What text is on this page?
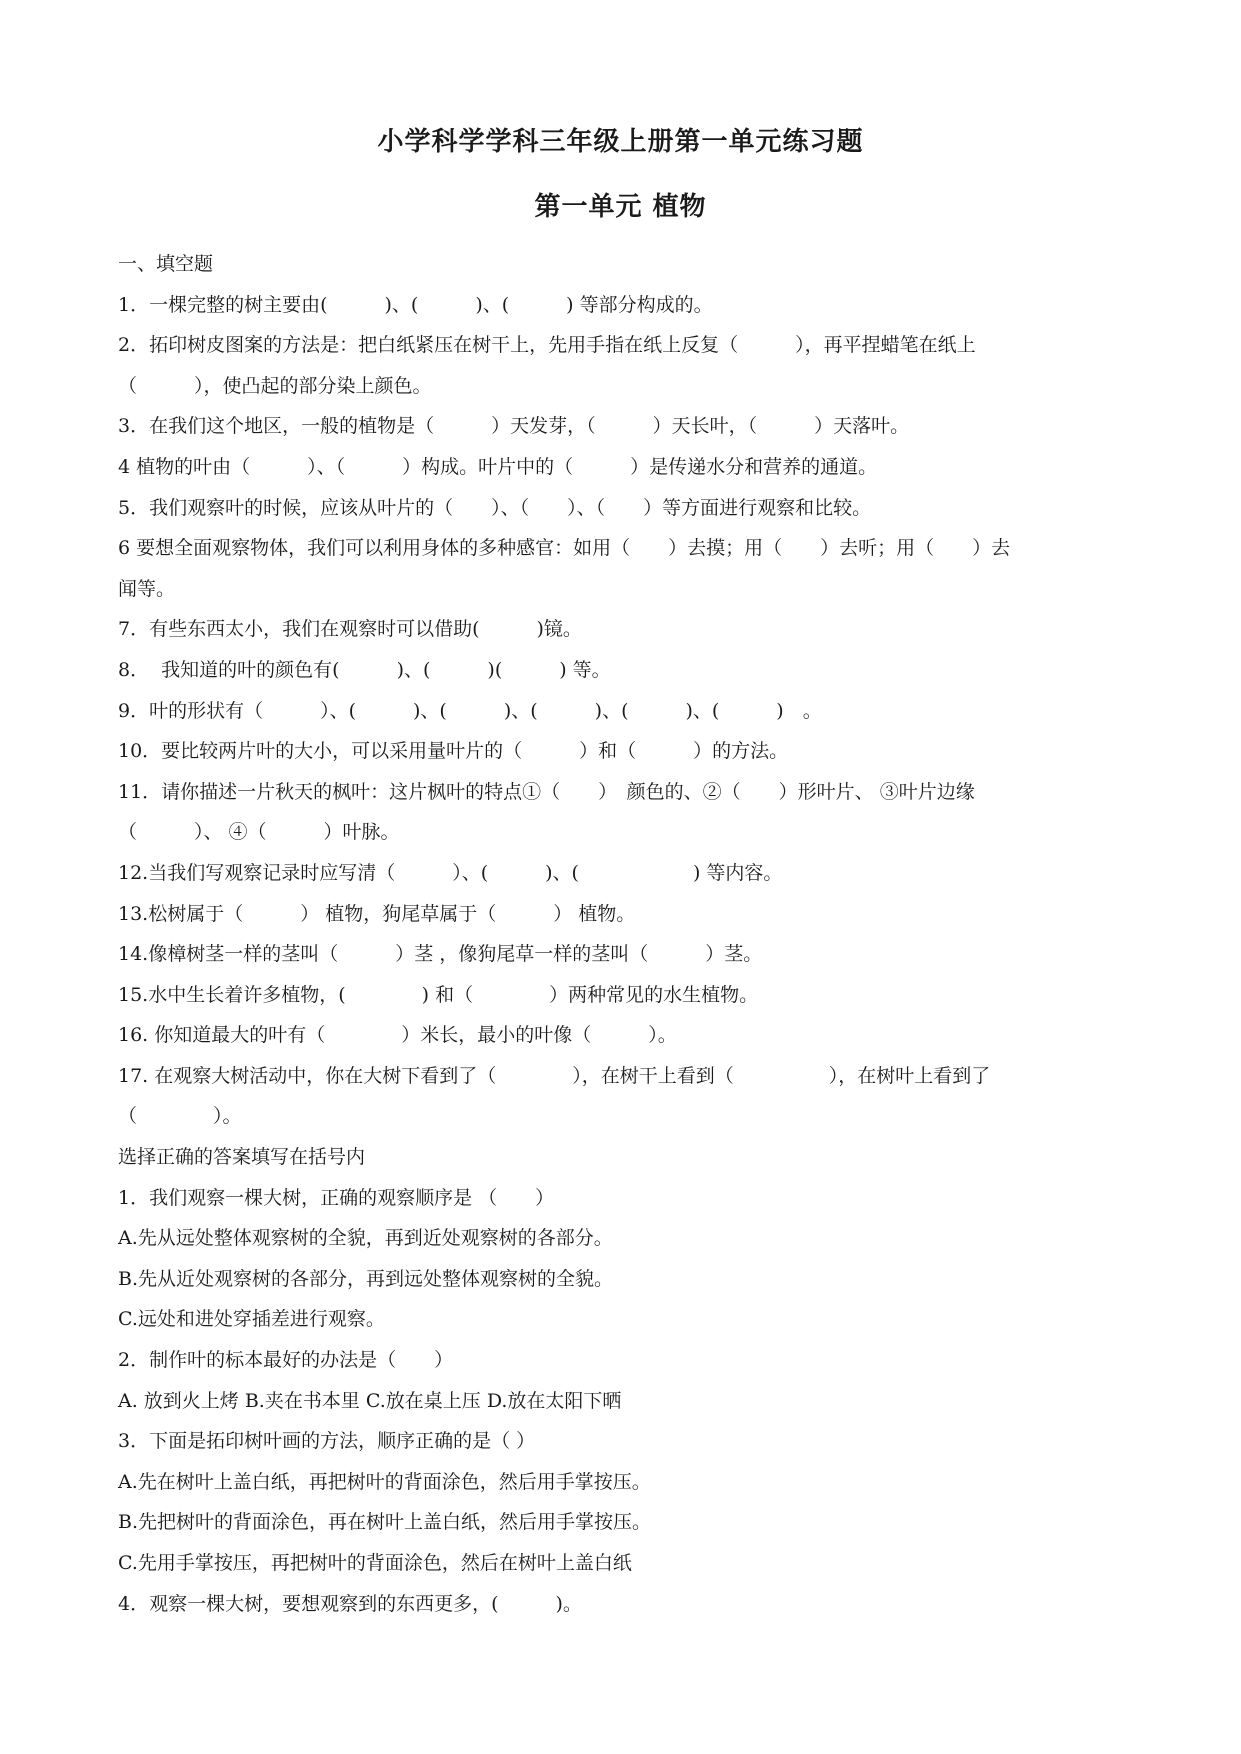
小学科学学科三年级上册第一单元练习题
第一单元 植物
一、填空题
1．一棵完整的树主要由(　　　)、(　　　)、(　　　) 等部分构成的。
2．拓印树皮图案的方法是：把白纸紧压在树干上，先用手指在纸上反复（　　　），再平捏蜡笔在纸上
（　　　），使凸起的部分染上颜色。
3．在我们这个地区，一般的植物是（　　　）天发芽，（　　　）天长叶，（　　　）天落叶。
4 植物的叶由（　　　）、（　　　）构成。叶片中的（　　　）是传递水分和营养的通道。
5．我们观察叶的时候，应该从叶片的（　　）、（　　）、（　　）等方面进行观察和比较。
6 要想全面观察物体，我们可以利用身体的多种感官：如用（　　）去摸；用（　　）去听；用（　　）去
闻等。
7．有些东西太小，我们在观察时可以借助(　　　)镜。
8．  我知道的叶的颜色有(　　　)、(　　　)(　　　) 等。
9．叶的形状有（　　　）、(　　　)、(　　　)、(　　　)、(　　　)、(　　　)　。
10．要比较两片叶的大小，可以采用量叶片的（　　　）和（　　　）的方法。
11．请你描述一片秋天的枫叶：这片枫叶的特点①（　　）　颜色的、②（　　）形叶片、 ③叶片边缘
（　　　）、 ④（　　　）叶脉。
12.当我们写观察记录时应写清（　　　）、(　　　)、(　　　　　　) 等内容。
13.松树属于（　　　） 植物，狗尾草属于（　　　） 植物。
14.像樟树茎一样的茎叫（　　　）茎 ，像狗尾草一样的茎叫（　　　）茎。
15.水中生长着许多植物，(　　　　) 和（　　　　）两种常见的水生植物。
16. 你知道最大的叶有（　　　　）米长，最小的叶像（　　　）。
17. 在观察大树活动中，你在大树下看到了（　　　　），在树干上看到（　　　　　），在树叶上看到了
（　　　　）。
选择正确的答案填写在括号内
1．我们观察一棵大树，正确的观察顺序是 （　　）
A.先从远处整体观察树的全貌，再到近处观察树的各部分。
B.先从近处观察树的各部分，再到远处整体观察树的全貌。
C.远处和进处穿插差进行观察。
2．制作叶的标本最好的办法是（　　）
A. 放到火上烤 B.夹在书本里 C.放在桌上压 D.放在太阳下晒
3．下面是拓印树叶画的方法，顺序正确的是（ ）
A.先在树叶上盖白纸，再把树叶的背面涂色，然后用手掌按压。
B.先把树叶的背面涂色，再在树叶上盖白纸，然后用手掌按压。
C.先用手掌按压，再把树叶的背面涂色，然后在树叶上盖白纸
4．观察一棵大树，要想观察到的东西更多，(　　　)。
